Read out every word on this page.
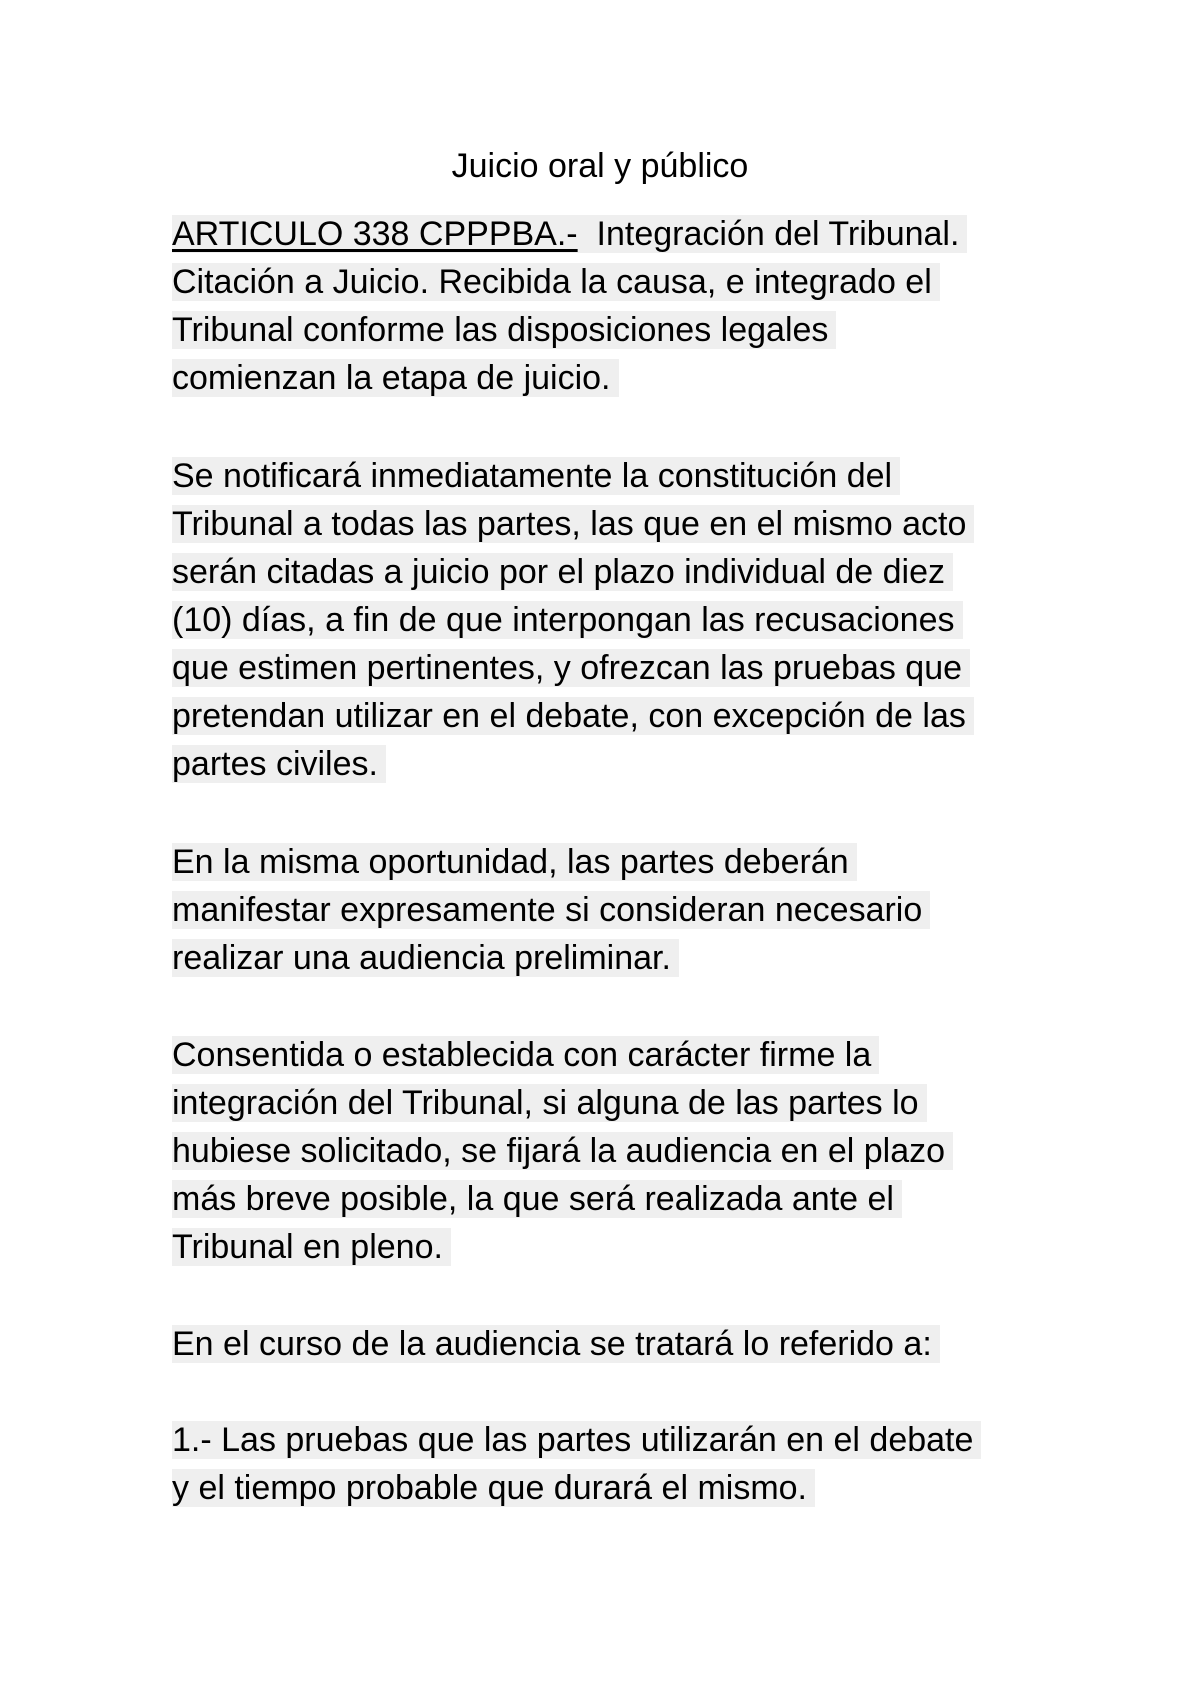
Juicio oral y público
ARTICULO 338 CPPPBA.-  Integración del Tribunal.
Citación a Juicio. Recibida la causa, e integrado el
Tribunal conforme las disposiciones legales
comienzan la etapa de juicio.
Se notificará inmediatamente la constitución del
Tribunal a todas las partes, las que en el mismo acto
serán citadas a juicio por el plazo individual de diez
(10) días, a fin de que interpongan las recusaciones
que estimen pertinentes, y ofrezcan las pruebas que
pretendan utilizar en el debate, con excepción de las
partes civiles.
En la misma oportunidad, las partes deberán
manifestar expresamente si consideran necesario
realizar una audiencia preliminar.
Consentida o establecida con carácter firme la
integración del Tribunal, si alguna de las partes lo
hubiese solicitado, se fijará la audiencia en el plazo
más breve posible, la que será realizada ante el
Tribunal en pleno.
En el curso de la audiencia se tratará lo referido a:
1.- Las pruebas que las partes utilizarán en el debate
y el tiempo probable que durará el mismo.
